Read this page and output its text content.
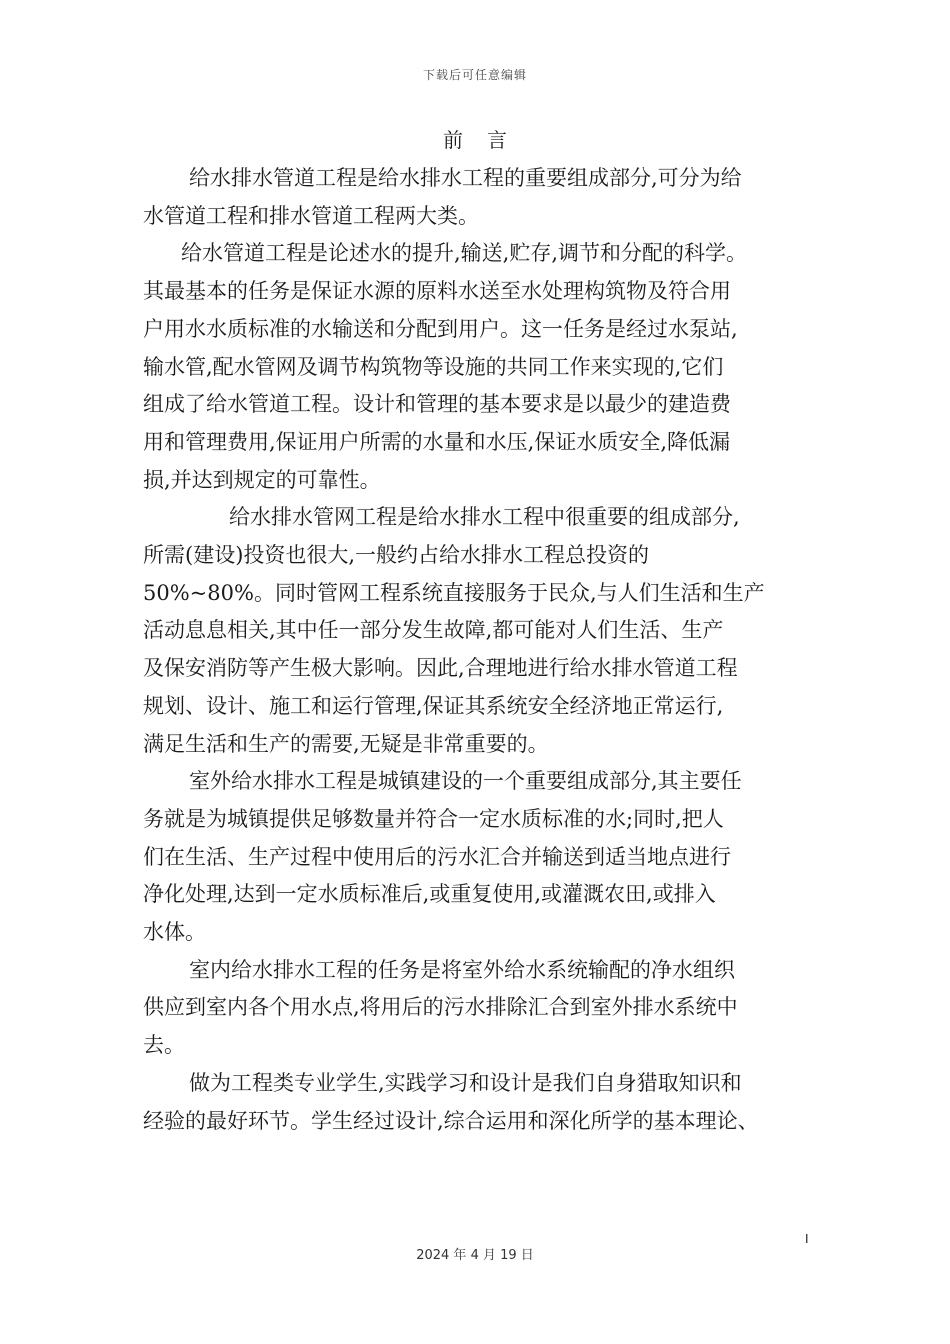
下载后可任意编辑
前言
给水排水管道工程是给水排水工程的重要组成部分,可分为给
水管道工程和排水管道工程两大类。
给水管道工程是论述水的提升,输送,贮存,调节和分配的科学。
其最基本的任务是保证水源的原料水送至水处理构筑物及符合用
户用水水质标准的水输送和分配到用户。这一任务是经过水泵站,
输水管,配水管网及调节构筑物等设施的共同工作来实现的,它们
组成了给水管道工程。设计和管理的基本要求是以最少的建造费
用和管理费用,保证用户所需的水量和水压,保证水质安全,降低漏
损,并达到规定的可靠性。
给水排水管网工程是给水排水工程中很重要的组成部分,
所需(建设)投资也很大,一般约占给水排水工程总投资的
50%~80%。同时管网工程系统直接服务于民众,与人们生活和生产
活动息息相关,其中任一部分发生故障,都可能对人们生活、生产
及保安消防等产生极大影响。因此,合理地进行给水排水管道工程
规划、设计、施工和运行管理,保证其系统安全经济地正常运行,
满足生活和生产的需要,无疑是非常重要的。
室外给水排水工程是城镇建设的一个重要组成部分,其主要任
务就是为城镇提供足够数量并符合一定水质标准的水;同时,把人
们在生活、生产过程中使用后的污水汇合并输送到适当地点进行
净化处理,达到一定水质标准后,或重复使用,或灌溉农田,或排入
水体。
室内给水排水工程的任务是将室外给水系统输配的净水组织
供应到室内各个用水点,将用后的污水排除汇合到室外排水系统中
去。
做为工程类专业学生,实践学习和设计是我们自身猎取知识和
经验的最好环节。学生经过设计,综合运用和深化所学的基本理论、
I
2024 年 4 月 19 日
